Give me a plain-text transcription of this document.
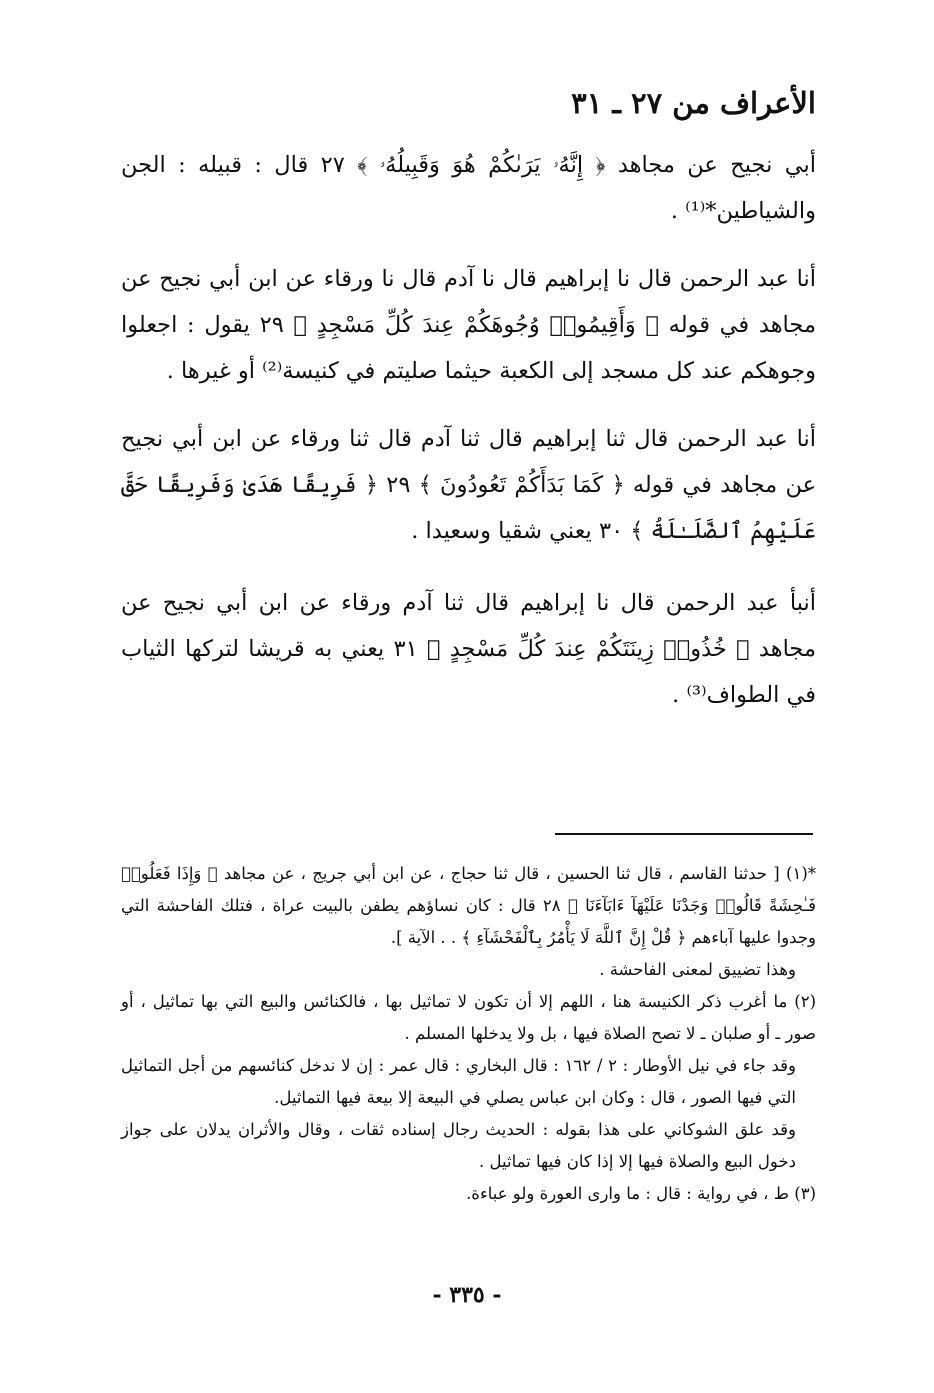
الأعراف من ٢٧ ـ ٣١

أبي نجيح عن مجاهد ﴿ إِنَّهُۥ يَرَىٰكُمْ هُوَ وَقَبِيلُهُۥ ﴾ ٢٧ قال : قبيله : الجن والشياطين*⁽¹⁾ .

أنا عبد الرحمن قال نا إبراهيم قال نا آدم قال نا ورقاء عن ابن أبي نجيح عن مجاهد في قوله ﴿ وَأَقِيمُوا۟ وُجُوهَكُمْ عِندَ كُلِّ مَسْجِدٍ ﴾ ٢٩ يقول : اجعلوا وجوهكم عند كل مسجد إلى الكعبة حيثما صليتم في كنيسة⁽²⁾ أو غيرها .

أنا عبد الرحمن قال ثنا إبراهيم قال ثنا آدم قال ثنا ورقاء عن ابن أبي نجيح عن مجاهد في قوله ﴿ كَمَا بَدَأَكُمْ تَعُودُونَ ﴾ ٢٩ ﴿ فَرِيقًا هَدَىٰ وَفَرِيقًا حَقَّ عَلَيْهِمُ ٱلضَّلَـٰلَةُ ﴾ ٣٠ يعني شقيا وسعيدا .

أنبأ عبد الرحمن قال نا إبراهيم قال ثنا آدم ورقاء عن ابن أبي نجيح عن مجاهد ﴿ خُذُوا۟ زِينَتَكُمْ عِندَ كُلِّ مَسْجِدٍ ﴾ ٣١ يعني به قريشا لتركها الثياب في الطواف⁽³⁾ .

*(١) [ حدثنا القاسم ، قال ثنا الحسين ، قال ثنا حجاج ، عن ابن أبي جريج ، عن مجاهد ﴿ وَإِذَا فَعَلُوا۟ فَـٰحِشَةً قَالُوا۟ وَجَدْنَا عَلَيْهَآ ءَابَآءَنَا ﴾ ٢٨ قال : كان نساؤهم يطفن بالبيت عراة ، فتلك الفاحشة التي وجدوا عليها آباءهم ﴿ قُلْ إِنَّ ٱللَّهَ لَا يَأْمُرُ بِٱلْفَحْشَآءِ ﴾ . . الآية ].

وهذا تضييق لمعنى الفاحشة .

(٢) ما أغرب ذكر الكنيسة هنا ، اللهم إلا أن تكون لا تماثيل بها ، فالكنائس والبيع التي بها تماثيل ، أو صور ـ أو صلبان ـ لا تصح الصلاة فيها ، بل ولا يدخلها المسلم .

وقد جاء في نيل الأوطار : ٢ / ١٦٢ : قال البخاري : قال عمر : إن لا ندخل كنائسهم من أجل التماثيل التي فيها الصور ، قال : وكان ابن عباس يصلي في البيعة إلا بيعة فيها التماثيل.

وقد علق الشوكاني على هذا بقوله : الحديث رجال إسناده ثقات ، وقال والأثران يدلان على جواز دخول البيع والصلاة فيها إلا إذا كان فيها تماثيل .

(٣) ط ، في رواية : قال : ما وارى العورة ولو عباءة.

- ٣٣٥ -
